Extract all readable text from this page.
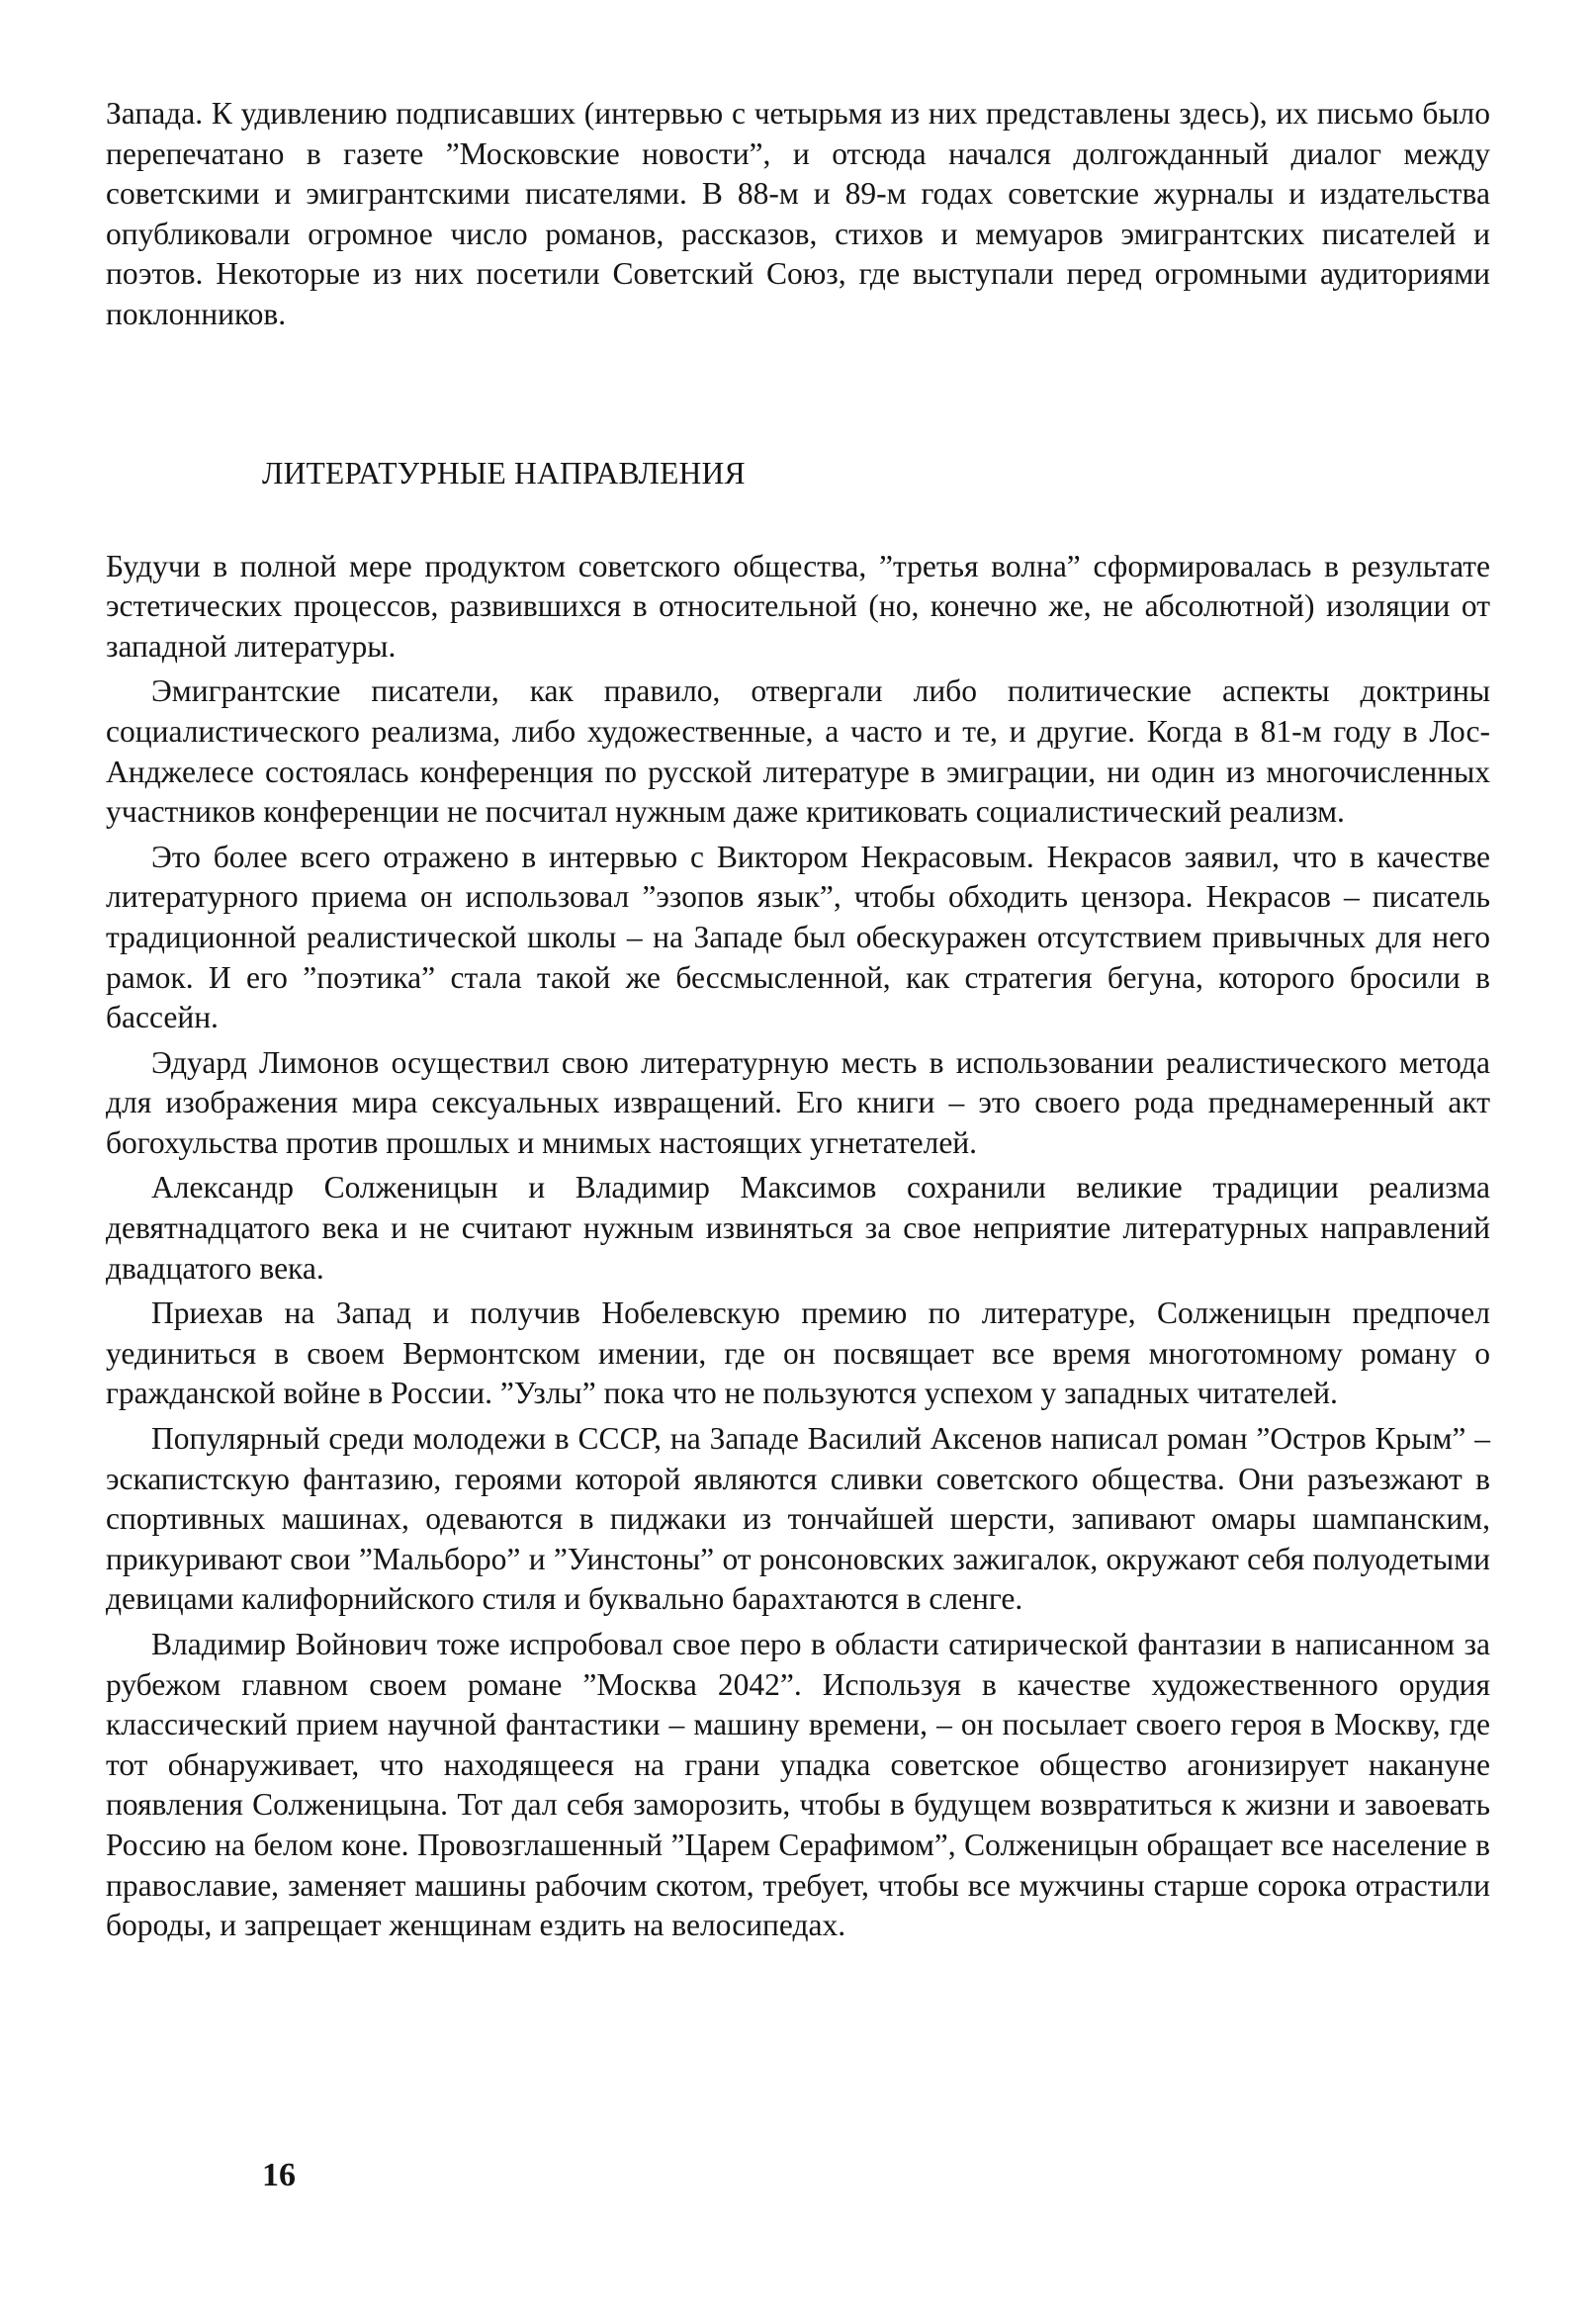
Запада. К удивлению подписавших (интервью с четырьмя из них представлены здесь), их письмо было перепечатано в газете ”Московские новости”, и отсюда начался долгожданный диалог между советскими и эмигрантскими писателями. В 88-м и 89-м годах советские журналы и издательства опубликовали огромное число романов, рассказов, стихов и мемуаров эмигрантских писателей и поэтов. Некоторые из них посетили Советский Союз, где выступали перед огромными аудиториями поклонников.

ЛИТЕРАТУРНЫЕ НАПРАВЛЕНИЯ

Будучи в полной мере продуктом советского общества, ”третья волна” сформировалась в результате эстетических процессов, развившихся в относительной (но, конечно же, не абсолютной) изоляции от западной литературы.

Эмигрантские писатели, как правило, отвергали либо политические аспекты доктрины социалистического реализма, либо художественные, а часто и те, и другие. Когда в 81-м году в Лос-Анджелесе состоялась конференция по русской литературе в эмиграции, ни один из многочисленных участников конференции не посчитал нужным даже критиковать социалистический реализм.

Это более всего отражено в интервью с Виктором Некрасовым. Некрасов заявил, что в качестве литературного приема он использовал ”эзопов язык”, чтобы обходить цензора. Некрасов – писатель традиционной реалистической школы – на Западе был обескуражен отсутствием привычных для него рамок. И его ”поэтика” стала такой же бессмысленной, как стратегия бегуна, которого бросили в бассейн.

Эдуард Лимонов осуществил свою литературную месть в использовании реалистического метода для изображения мира сексуальных извращений. Его книги – это своего рода преднамеренный акт богохульства против прошлых и мнимых настоящих угнетателей.

Александр Солженицын и Владимир Максимов сохранили великие традиции реализма девятнадцатого века и не считают нужным извиняться за свое неприятие литературных направлений двадцатого века.

Приехав на Запад и получив Нобелевскую премию по литературе, Солженицын предпочел уединиться в своем Вермонтском имении, где он посвящает все время многотомному роману о гражданской войне в России. ”Узлы” пока что не пользуются успехом у западных читателей.

Популярный среди молодежи в СССР, на Западе Василий Аксенов написал роман ”Остров Крым” – эскапистскую фантазию, героями которой являются сливки советского общества. Они разъезжают в спортивных машинах, одеваются в пиджаки из тончайшей шерсти, запивают омары шампанским, прикуривают свои ”Мальборо” и ”Уинстоны” от ронсоновских зажигалок, окружают себя полуодетыми девицами калифорнийского стиля и буквально барахтаются в сленге.

Владимир Войнович тоже испробовал свое перо в области сатирической фантазии в написанном за рубежом главном своем романе ”Москва 2042”. Используя в качестве художественного орудия классический прием научной фантастики – машину времени, – он посылает своего героя в Москву, где тот обнаруживает, что находящееся на грани упадка советское общество агонизирует накануне появления Солженицына. Тот дал себя заморозить, чтобы в будущем возвратиться к жизни и завоевать Россию на белом коне. Провозглашенный ”Царем Серафимом”, Солженицын обращает все население в православие, заменяет машины рабочим скотом, требует, чтобы все мужчины старше сорока отрастили бороды, и запрещает женщинам ездить на велосипедах.

16
